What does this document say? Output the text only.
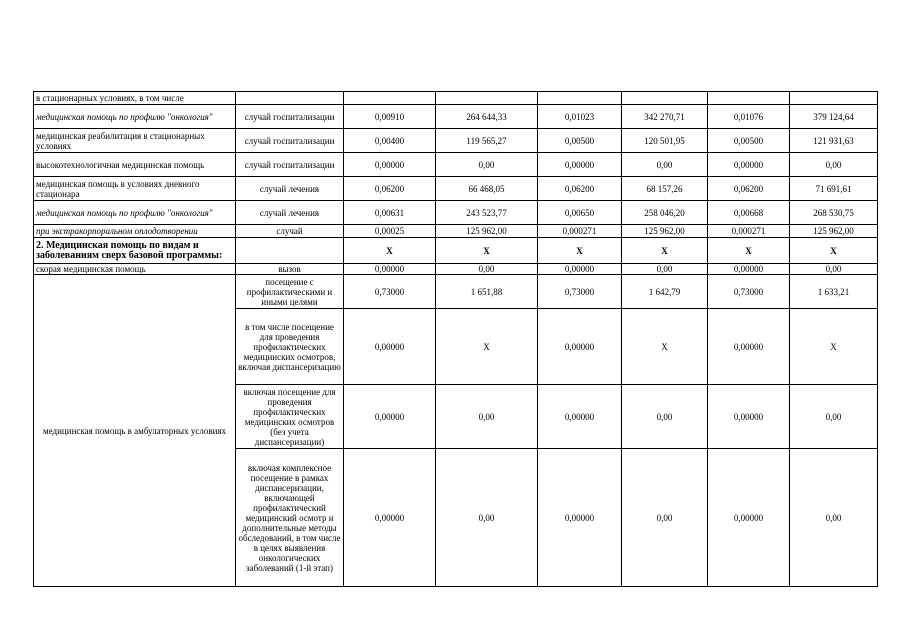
в стационарных условиях, в том числе							
медицинская помощь по профилю "онкология"	случай госпитализации	0,00910	264 644,33	0,01023	342 270,71	0,01076	379 124,64
медицинская реабилитация в стационарных условиях	случай госпитализации	0,00400	119 565,27	0,00500	120 501,95	0,00500	121 931,63
высокотехнологичная медицинская помощь	случай госпитализации	0,00000	0,00	0,00000	0,00	0,00000	0,00
медицинская помощь в условиях дневного стационара	случай лечения	0,06200	66 468,05	0,06200	68 157,26	0,06200	71 691,61
медицинская помощь по профилю "онкология"	случай лечения	0,00631	243 523,77	0,00650	258 046,20	0,00668	268 530,75
при экстракорпоральном оплодотворении	случай	0,00025	125 962,00	0,000271	125 962,00	0,000271	125 962,00
2. Медицинская помощь по видам и заболеваниям сверх базовой программы:		Х	Х	Х	Х	Х	Х
скорая медицинская помощь	вызов	0,00000	0,00	0,00000	0,00	0,00000	0,00
медицинская помощь в амбулаторных условиях	посещение с профилактическими и иными целями	0,73000	1 651,88	0,73000	1 642,79	0,73000	1 633,21
	в том числе посещение для проведения профилактических медицинских осмотров, включая диспансеризацию	0,00000	Х	0,00000	Х	0,00000	Х
	включая посещение для проведения профилактических медицинских осмотров (без учета диспансеризации)	0,00000	0,00	0,00000	0,00	0,00000	0,00
	включая комплексное посещение в рамках диспансеризации, включающей профилактический медицинский осмотр и дополнительные методы обследований, в том числе в целях выявления онкологических заболеваний (1-й этап)	0,00000	0,00	0,00000	0,00	0,00000	0,00
